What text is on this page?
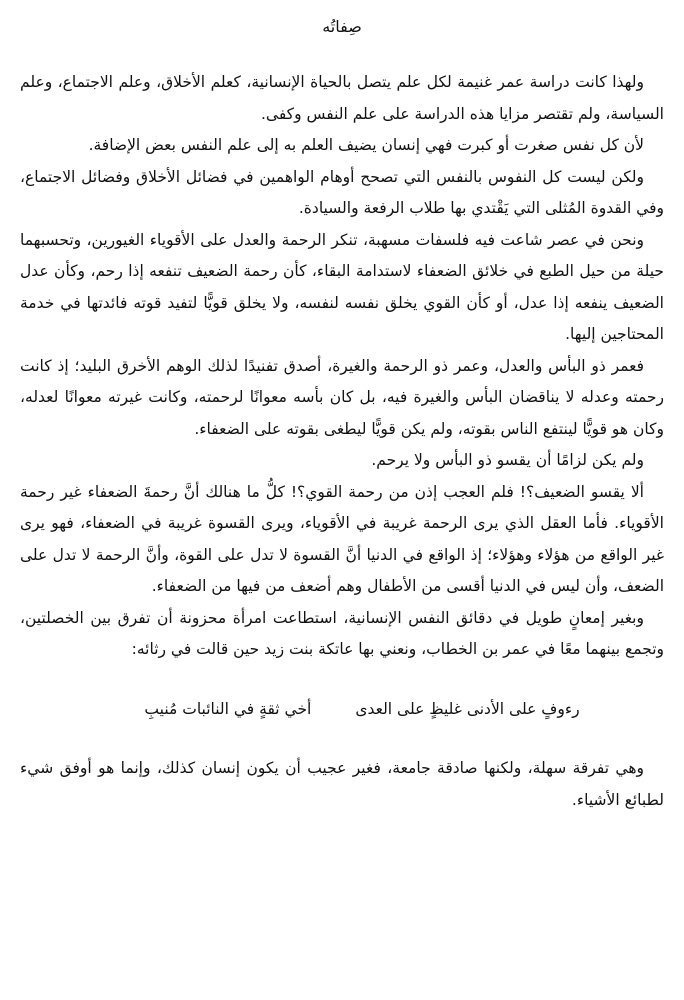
صِفاتُه

ولهذا كانت دراسة عمر غنيمة لكل علم يتصل بالحياة الإنسانية، كعلم الأخلاق، وعلم الاجتماع، وعلم السياسة، ولم تقتصر مزايا هذه الدراسة على علم النفس وكفى.

لأن كل نفس صغرت أو كبرت فهي إنسان يضيف العلم به إلى علم النفس بعض الإضافة.

ولكن ليست كل النفوس بالنفس التي تصحح أوهام الواهمين في فضائل الأخلاق وفضائل الاجتماع، وفي القدوة المُثلى التي يَقْتدي بها طلاب الرفعة والسيادة.

ونحن في عصر شاعت فيه فلسفات مسهبة، تنكر الرحمة والعدل على الأقوياء الغيورين، وتحسبهما حيلة من حيل الطبع في خلائق الضعفاء لاستدامة البقاء، كأن رحمة الضعيف تنفعه إذا رحم، وكأن عدل الضعيف ينفعه إذا عدل، أو كأن القوي يخلق نفسه لنفسه، ولا يخلق قويًّا لتفيد قوته فائدتها في خدمة المحتاجين إليها.

فعمر ذو البأس والعدل، وعمر ذو الرحمة والغيرة، أصدق تفنيدًا لذلك الوهم الأخرق البليد؛ إذ كانت رحمته وعدله لا يناقضان البأس والغيرة فيه، بل كان بأسه معوانًا لرحمته، وكانت غيرته معوانًا لعدله، وكان هو قويًّا لينتفع الناس بقوته، ولم يكن قويًّا ليطغى بقوته على الضعفاء.

ولم يكن لزامًا أن يقسو ذو البأس ولا يرحم.

ألا يقسو الضعيف؟! فلم العجب إذن من رحمة القوي؟! كلُّ ما هنالك أنَّ رحمةَ الضعفاء غير رحمة الأقوياء. فأما العقل الذي يرى الرحمة غريبة في الأقوياء، ويرى القسوة غريبة في الضعفاء، فهو يرى غير الواقع من هؤلاء وهؤلاء؛ إذ الواقع في الدنيا أنَّ القسوة لا تدل على القوة، وأنَّ الرحمة لا تدل على الضعف، وأن ليس في الدنيا أقسى من الأطفال وهم أضعف من فيها من الضعفاء.

وبغير إمعانٍ طويل في دقائق النفس الإنسانية، استطاعت امرأة محزونة أن تفرق بين الخصلتين، وتجمع بينهما معًا في عمر بن الخطاب، ونعني بها عاتكة بنت زيد حين قالت في رثائه:

رءوفٍ على الأدنى غليظٍ على العدى
أخي ثقةٍ في النائبات مُنيبِ

وهي تفرقة سهلة، ولكنها صادقة جامعة، فغير عجيب أن يكون إنسان كذلك، وإنما هو أوفق شيء لطبائع الأشياء.
